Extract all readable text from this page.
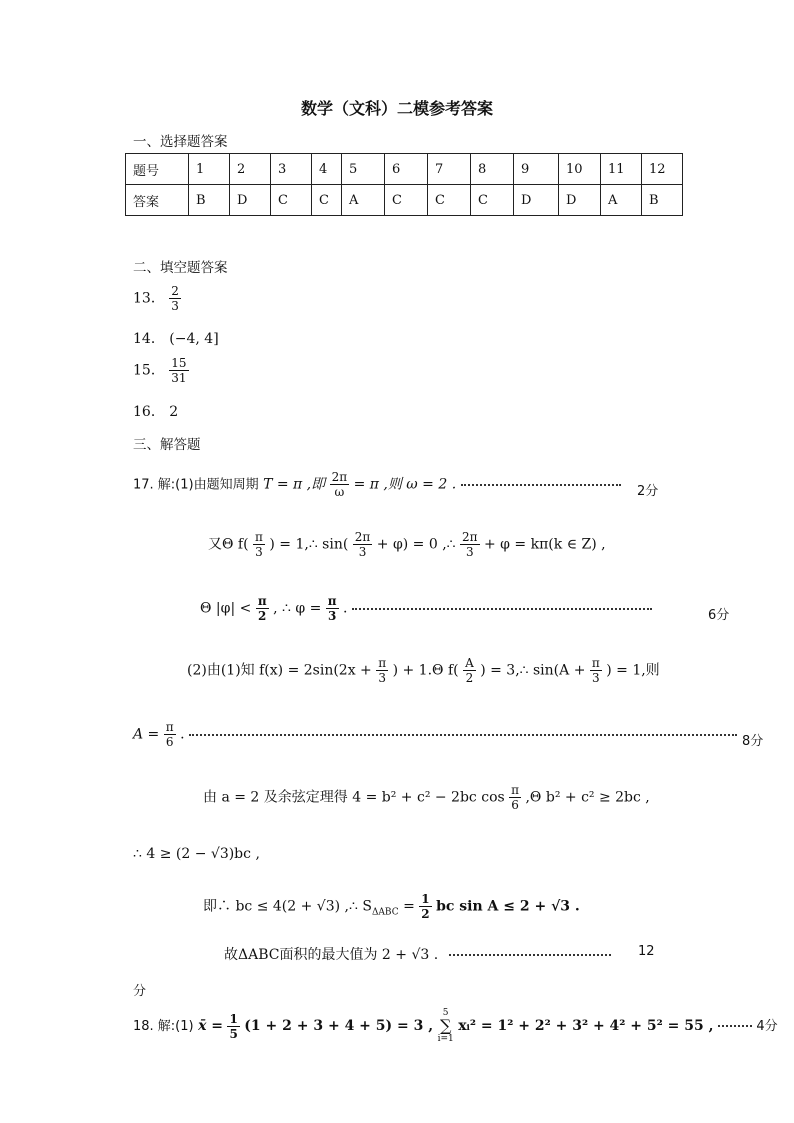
数学（文科）二模参考答案
一、选择题答案
题号	1	2	3	4	5	6	7	8	9	10	11	12
答案	B	D	C	C	A	C	C	C	D	D	A	B
二、填空题答案
13． $\frac{2}{3}$
14． (−4, 4]
15． $\frac{15}{31}$
16． 2
三、解答题
17. 解:(1)由题知周期 T = π ,即 $\frac{2\pi}{\omega} = \pi$ ,则 ω = 2 .	2分
又Θ $f( \frac{\pi}{3}$ ) = 1,∴ $\sin( \frac{2\pi}{3} + \varphi) = 0$ ,∴ $\frac{2\pi}{3} + \varphi = k\pi(k$ ∈ Z) ,
Θ $|\varphi| < \frac{\pi}{2}$ , ∴ $\varphi = \frac{\pi}{3}$ .	6分
(2)由(1)知 $f(x) = 2\sin(2x + \frac{\pi}{3}$ ) + 1.Θ $f( \frac{A}{2}$ ) = 3,∴ $\sin(A + \frac{\pi}{3}$ ) = 1,则
$A = \frac{\pi}{6}$ .	8分
由 a = 2 及余弦定理得 4 = b² + c² − 2bc $\cos \frac{\pi}{6} ,\Theta$ b² + c² ≥ 2bc ,
∴ 4 ≥ (2 − √3)bc ,
即∴ bc ≤ 4(2 + √3) ,∴ $S_{\Delta ABC} = \frac{1}{2}$ bc sin A ≤ 2 + √3 .
故ΔABC面积的最大值为 2 + √3 .	12
分
18. 解:(1) x̄ = $\frac{1}{5} (1 + 2 + 3 + 4 + 5) = 3$ ,
5
∑
i=1
xᵢ² = 1² + 2² + 3² + 4² + 5² = 55 ,	4分
